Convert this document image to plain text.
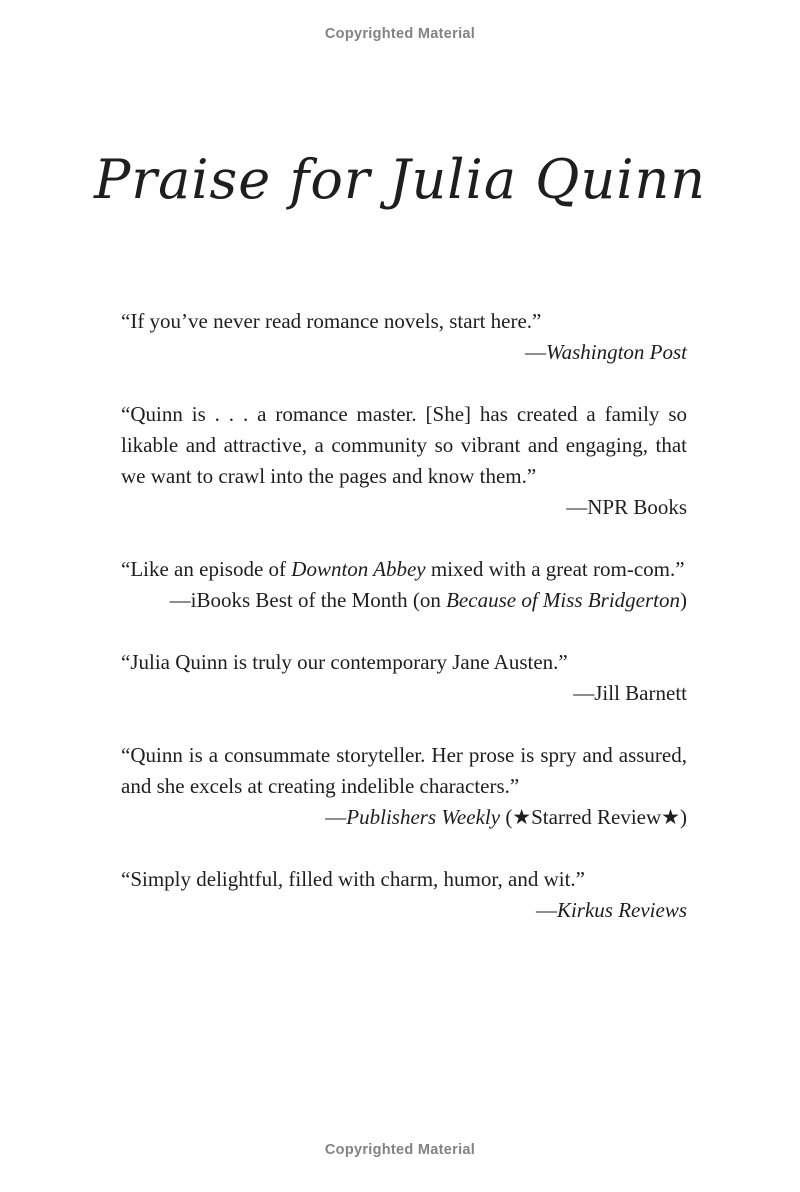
Copyrighted Material
Praise for Julia Quinn

“If you’ve never read romance novels, start here.”

—Washington Post

“Quinn is . . . a romance master. [She] has created a family so likable and attractive, a community so vibrant and engaging, that we want to crawl into the pages and know them.”

—NPR Books

“Like an episode of Downton Abbey mixed with a great rom-com.”

—iBooks Best of the Month (on Because of Miss Bridgerton)

“Julia Quinn is truly our contemporary Jane Austen.”

—Jill Barnett

“Quinn is a consummate storyteller. Her prose is spry and assured, and she excels at creating indelible characters.”

—Publishers Weekly (★Starred Review★)

“Simply delightful, filled with charm, humor, and wit.”

—Kirkus Reviews

Copyrighted Material
